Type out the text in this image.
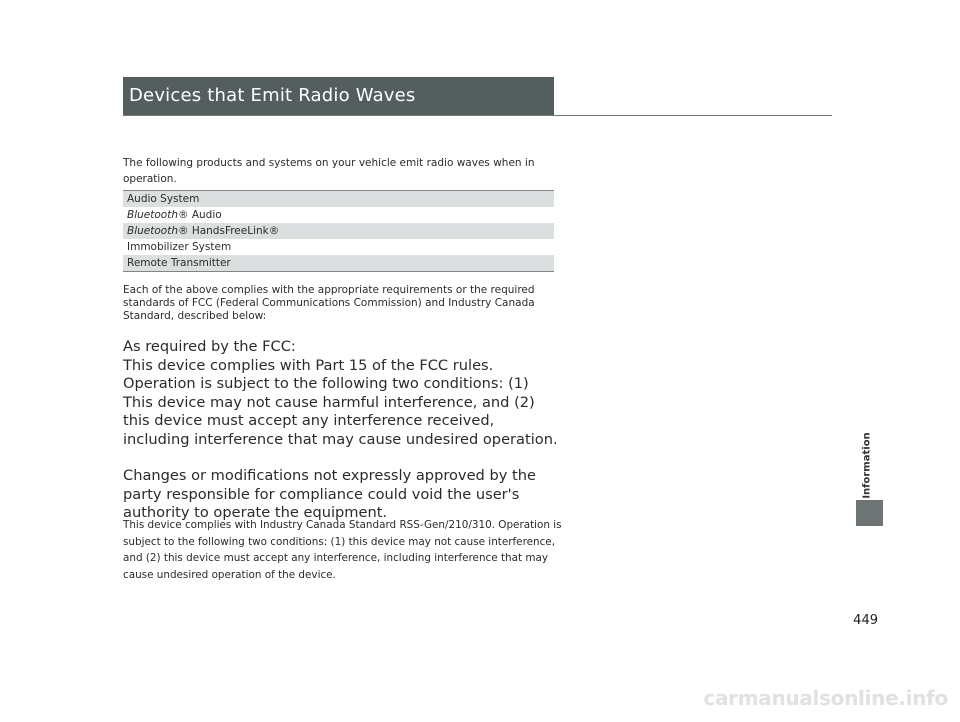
Devices that Emit Radio Waves
The following products and systems on your vehicle emit radio waves when in operation.
Audio System
Bluetooth® Audio
Bluetooth® HandsFreeLink®
Immobilizer System
Remote Transmitter
Each of the above complies with the appropriate requirements or the required standards of FCC (Federal Communications Commission) and Industry Canada Standard, described below:

As required by the FCC:

This device complies with Part 15 of the FCC rules. Operation is subject to the following two conditions: (1) This device may not cause harmful interference, and (2) this device must accept any interference received, including interference that may cause undesired operation.

Changes or modifications not expressly approved by the party responsible for compliance could void the user's authority to operate the equipment.

This device complies with Industry Canada Standard RSS-Gen/210/310. Operation is subject to the following two conditions: (1) this device may not cause interference, and (2) this device must accept any interference, including interference that may cause undesired operation of the device.
Information
449
carmanualsonline.info
